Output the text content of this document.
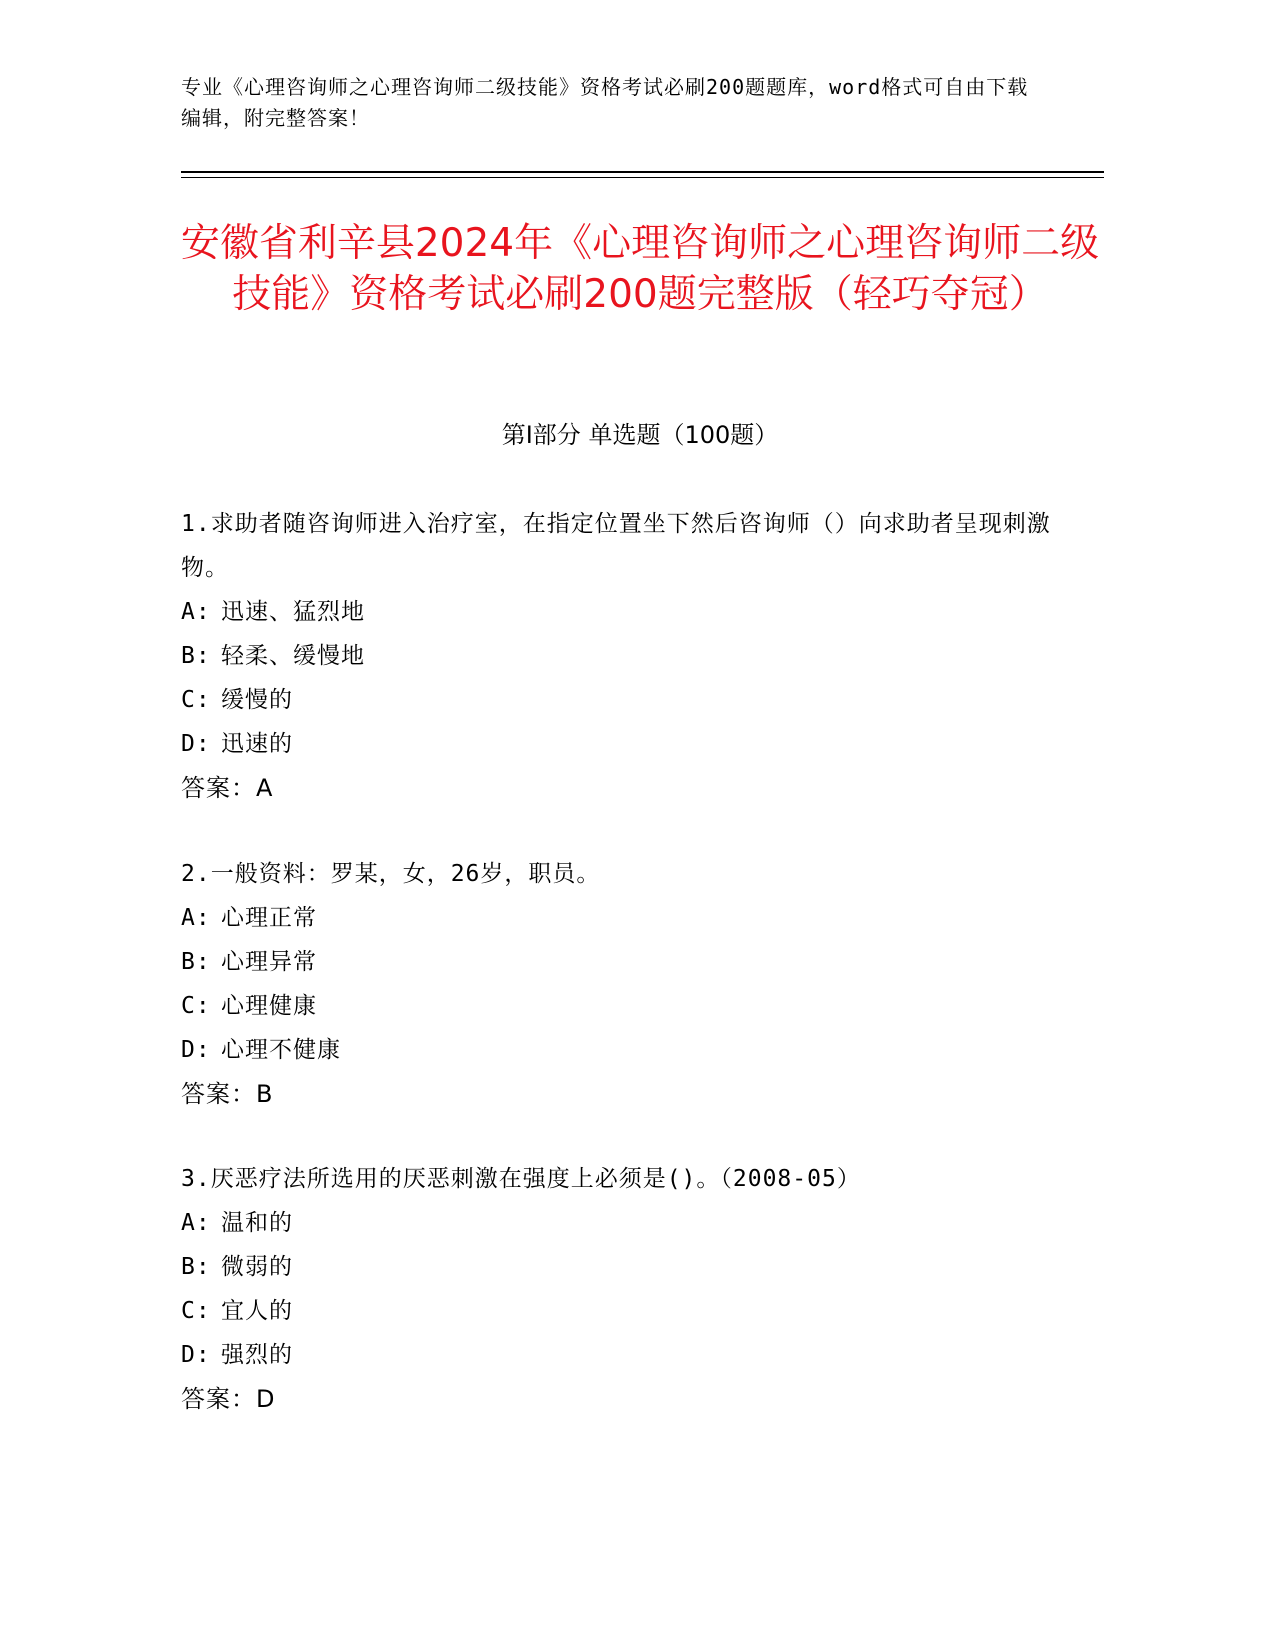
专业《心理咨询师之心理咨询师二级技能》资格考试必刷200题题库，word格式可自由下载编辑，附完整答案！
安徽省利辛县2024年《心理咨询师之心理咨询师二级技能》资格考试必刷200题完整版（轻巧夺冠）
第I部分 单选题（100题）

1.求助者随咨询师进入治疗室，在指定位置坐下然后咨询师（）向求助者呈现刺激物。

A: 迅速、猛烈地

B: 轻柔、缓慢地

C: 缓慢的

D: 迅速的

答案：A

2.一般资料：罗某，女，26岁，职员。

A: 心理正常

B: 心理异常

C: 心理健康

D: 心理不健康

答案：B

3.厌恶疗法所选用的厌恶刺激在强度上必须是()。（2008-05）

A: 温和的

B: 微弱的

C: 宜人的

D: 强烈的

答案：D
